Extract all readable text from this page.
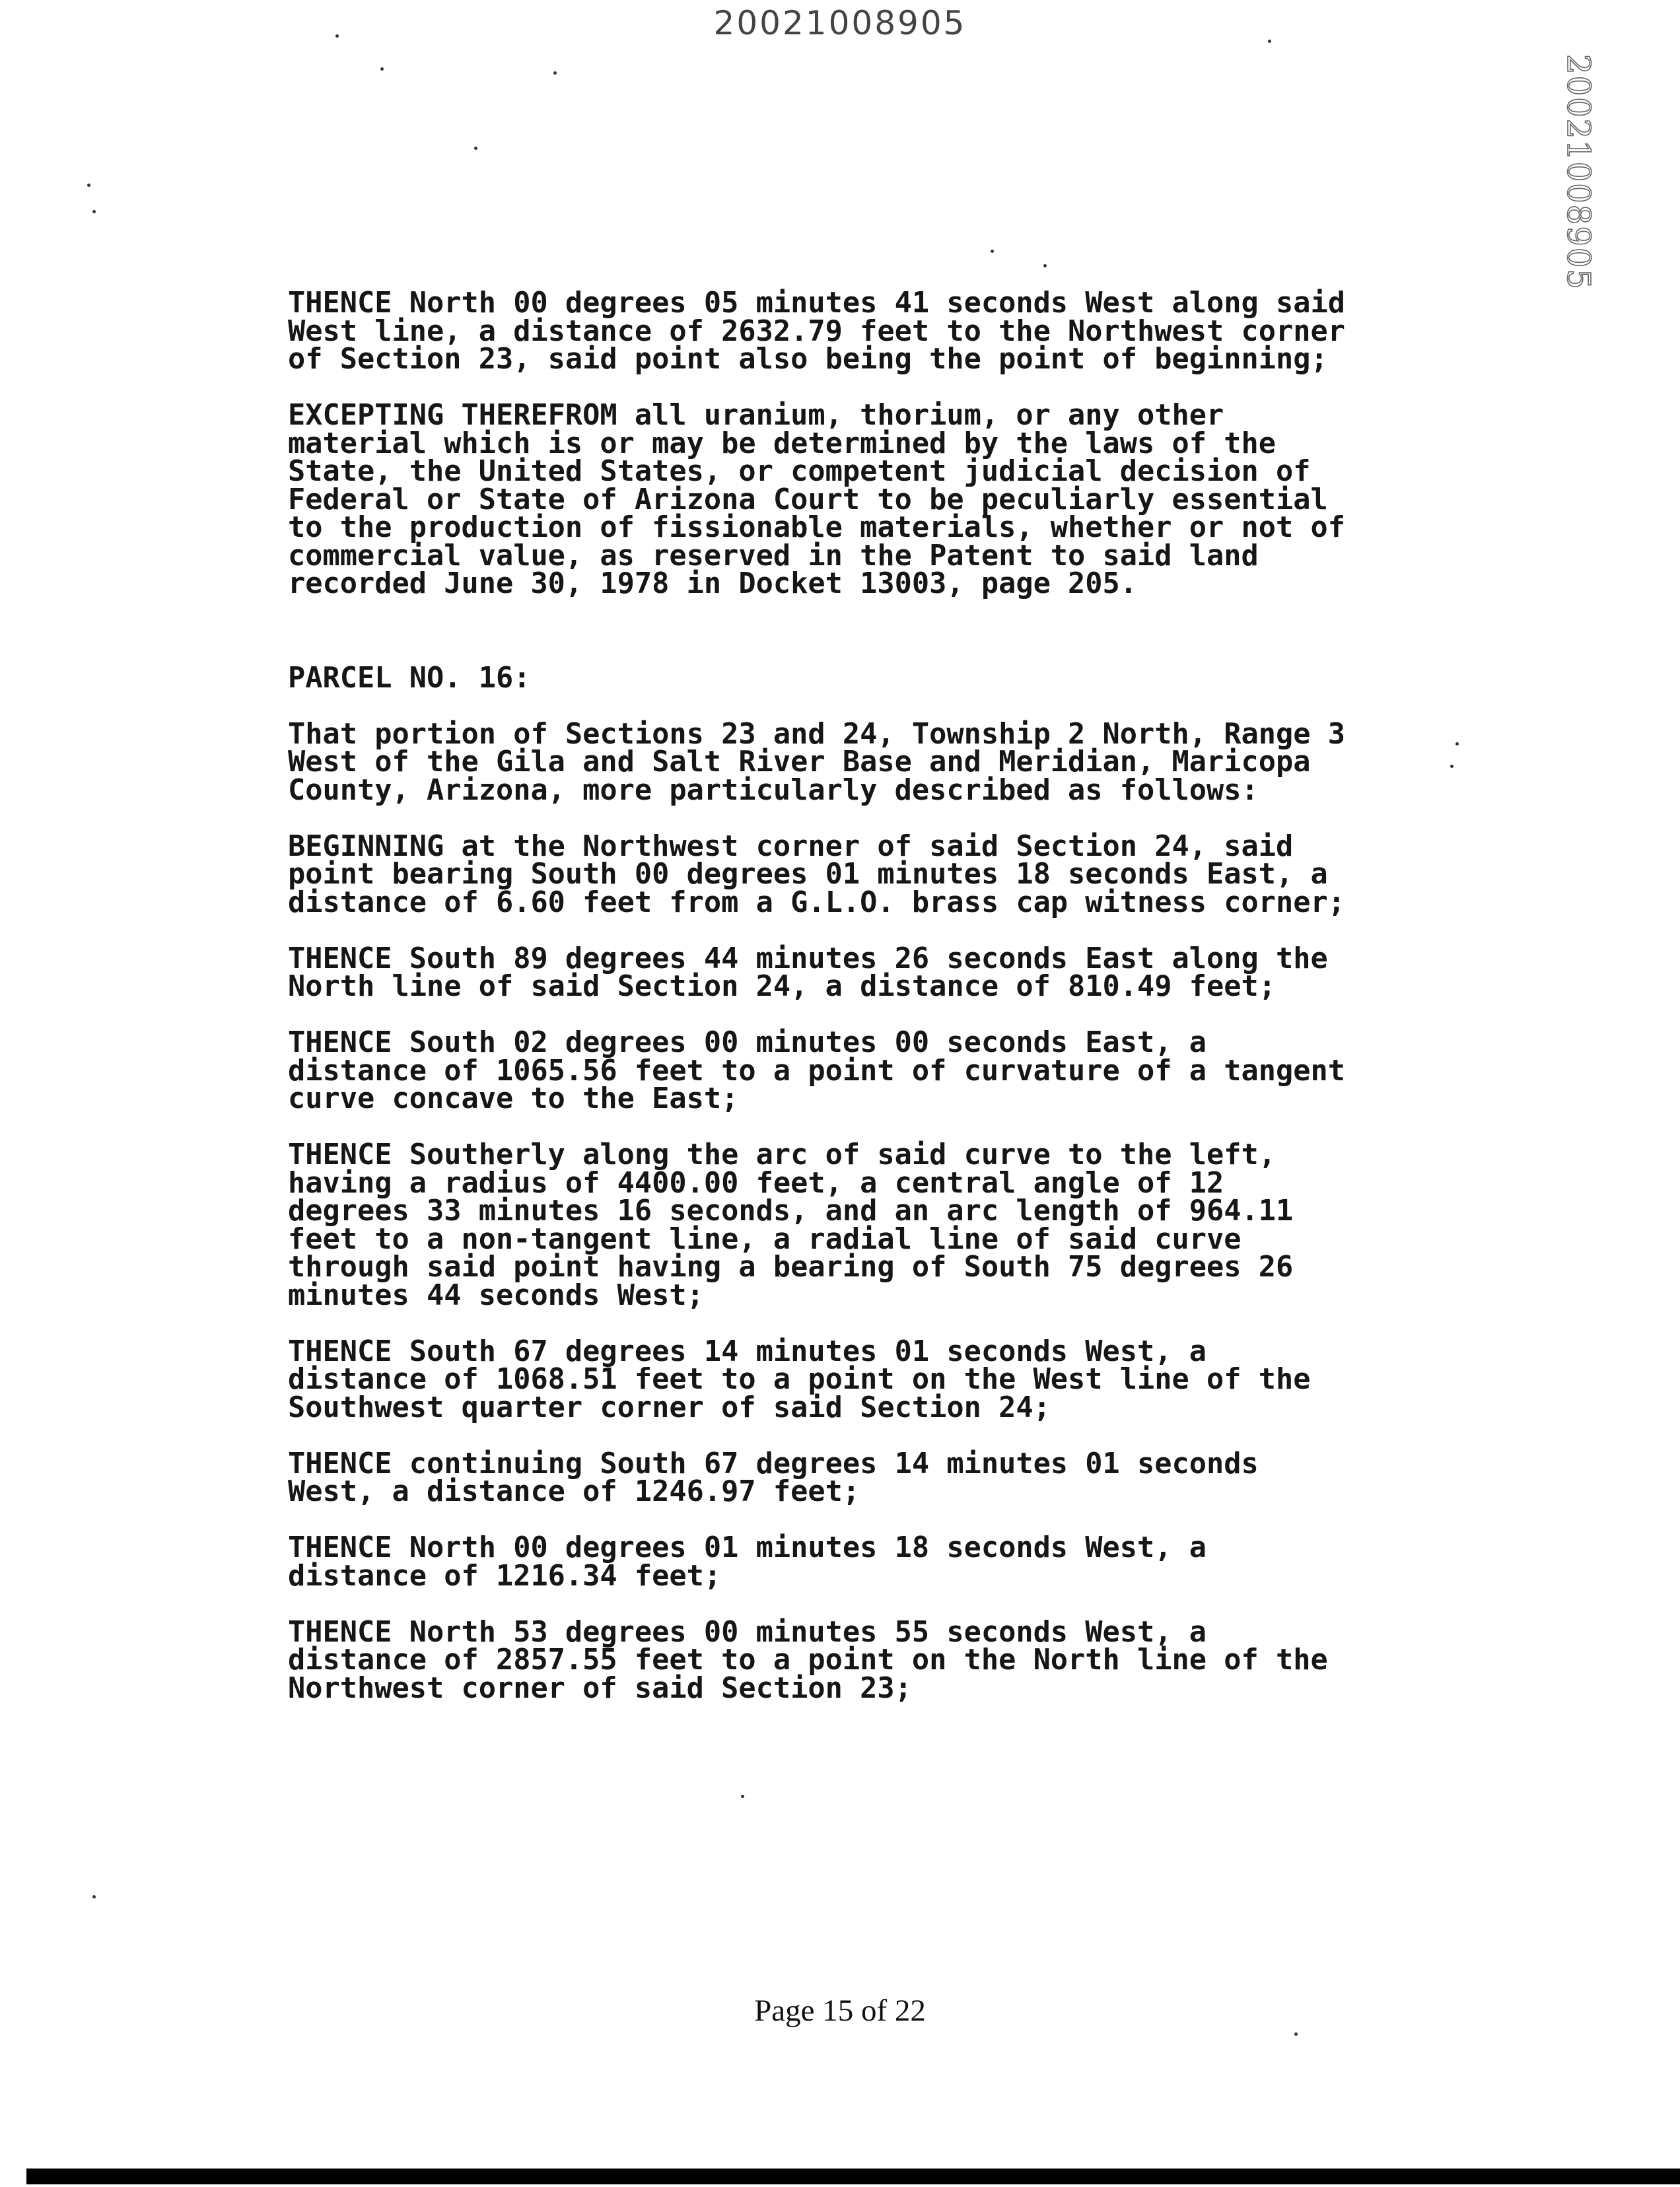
20021008905
20021008905
THENCE North 00 degrees 05 minutes 41 seconds West along said
West line, a distance of 2632.79 feet to the Northwest corner
of Section 23, said point also being the point of beginning;
EXCEPTING THEREFROM all uranium, thorium, or any other
material which is or may be determined by the laws of the
State, the United States, or competent judicial decision of
Federal or State of Arizona Court to be peculiarly essential
to the production of fissionable materials, whether or not of
commercial value, as reserved in the Patent to said land
recorded June 30, 1978 in Docket 13003, page 205.
PARCEL NO. 16:
That portion of Sections 23 and 24, Township 2 North, Range 3
West of the Gila and Salt River Base and Meridian, Maricopa
County, Arizona, more particularly described as follows:
BEGINNING at the Northwest corner of said Section 24, said
point bearing South 00 degrees 01 minutes 18 seconds East, a
distance of 6.60 feet from a G.L.O. brass cap witness corner;
THENCE South 89 degrees 44 minutes 26 seconds East along the
North line of said Section 24, a distance of 810.49 feet;
THENCE South 02 degrees 00 minutes 00 seconds East, a
distance of 1065.56 feet to a point of curvature of a tangent
curve concave to the East;
THENCE Southerly along the arc of said curve to the left,
having a radius of 4400.00 feet, a central angle of 12
degrees 33 minutes 16 seconds, and an arc length of 964.11
feet to a non-tangent line, a radial line of said curve
through said point having a bearing of South 75 degrees 26
minutes 44 seconds West;
THENCE South 67 degrees 14 minutes 01 seconds West, a
distance of 1068.51 feet to a point on the West line of the
Southwest quarter corner of said Section 24;
THENCE continuing South 67 degrees 14 minutes 01 seconds
West, a distance of 1246.97 feet;
THENCE North 00 degrees 01 minutes 18 seconds West, a
distance of 1216.34 feet;
THENCE North 53 degrees 00 minutes 55 seconds West, a
distance of 2857.55 feet to a point on the North line of the
Northwest corner of said Section 23;
Page 15 of 22
